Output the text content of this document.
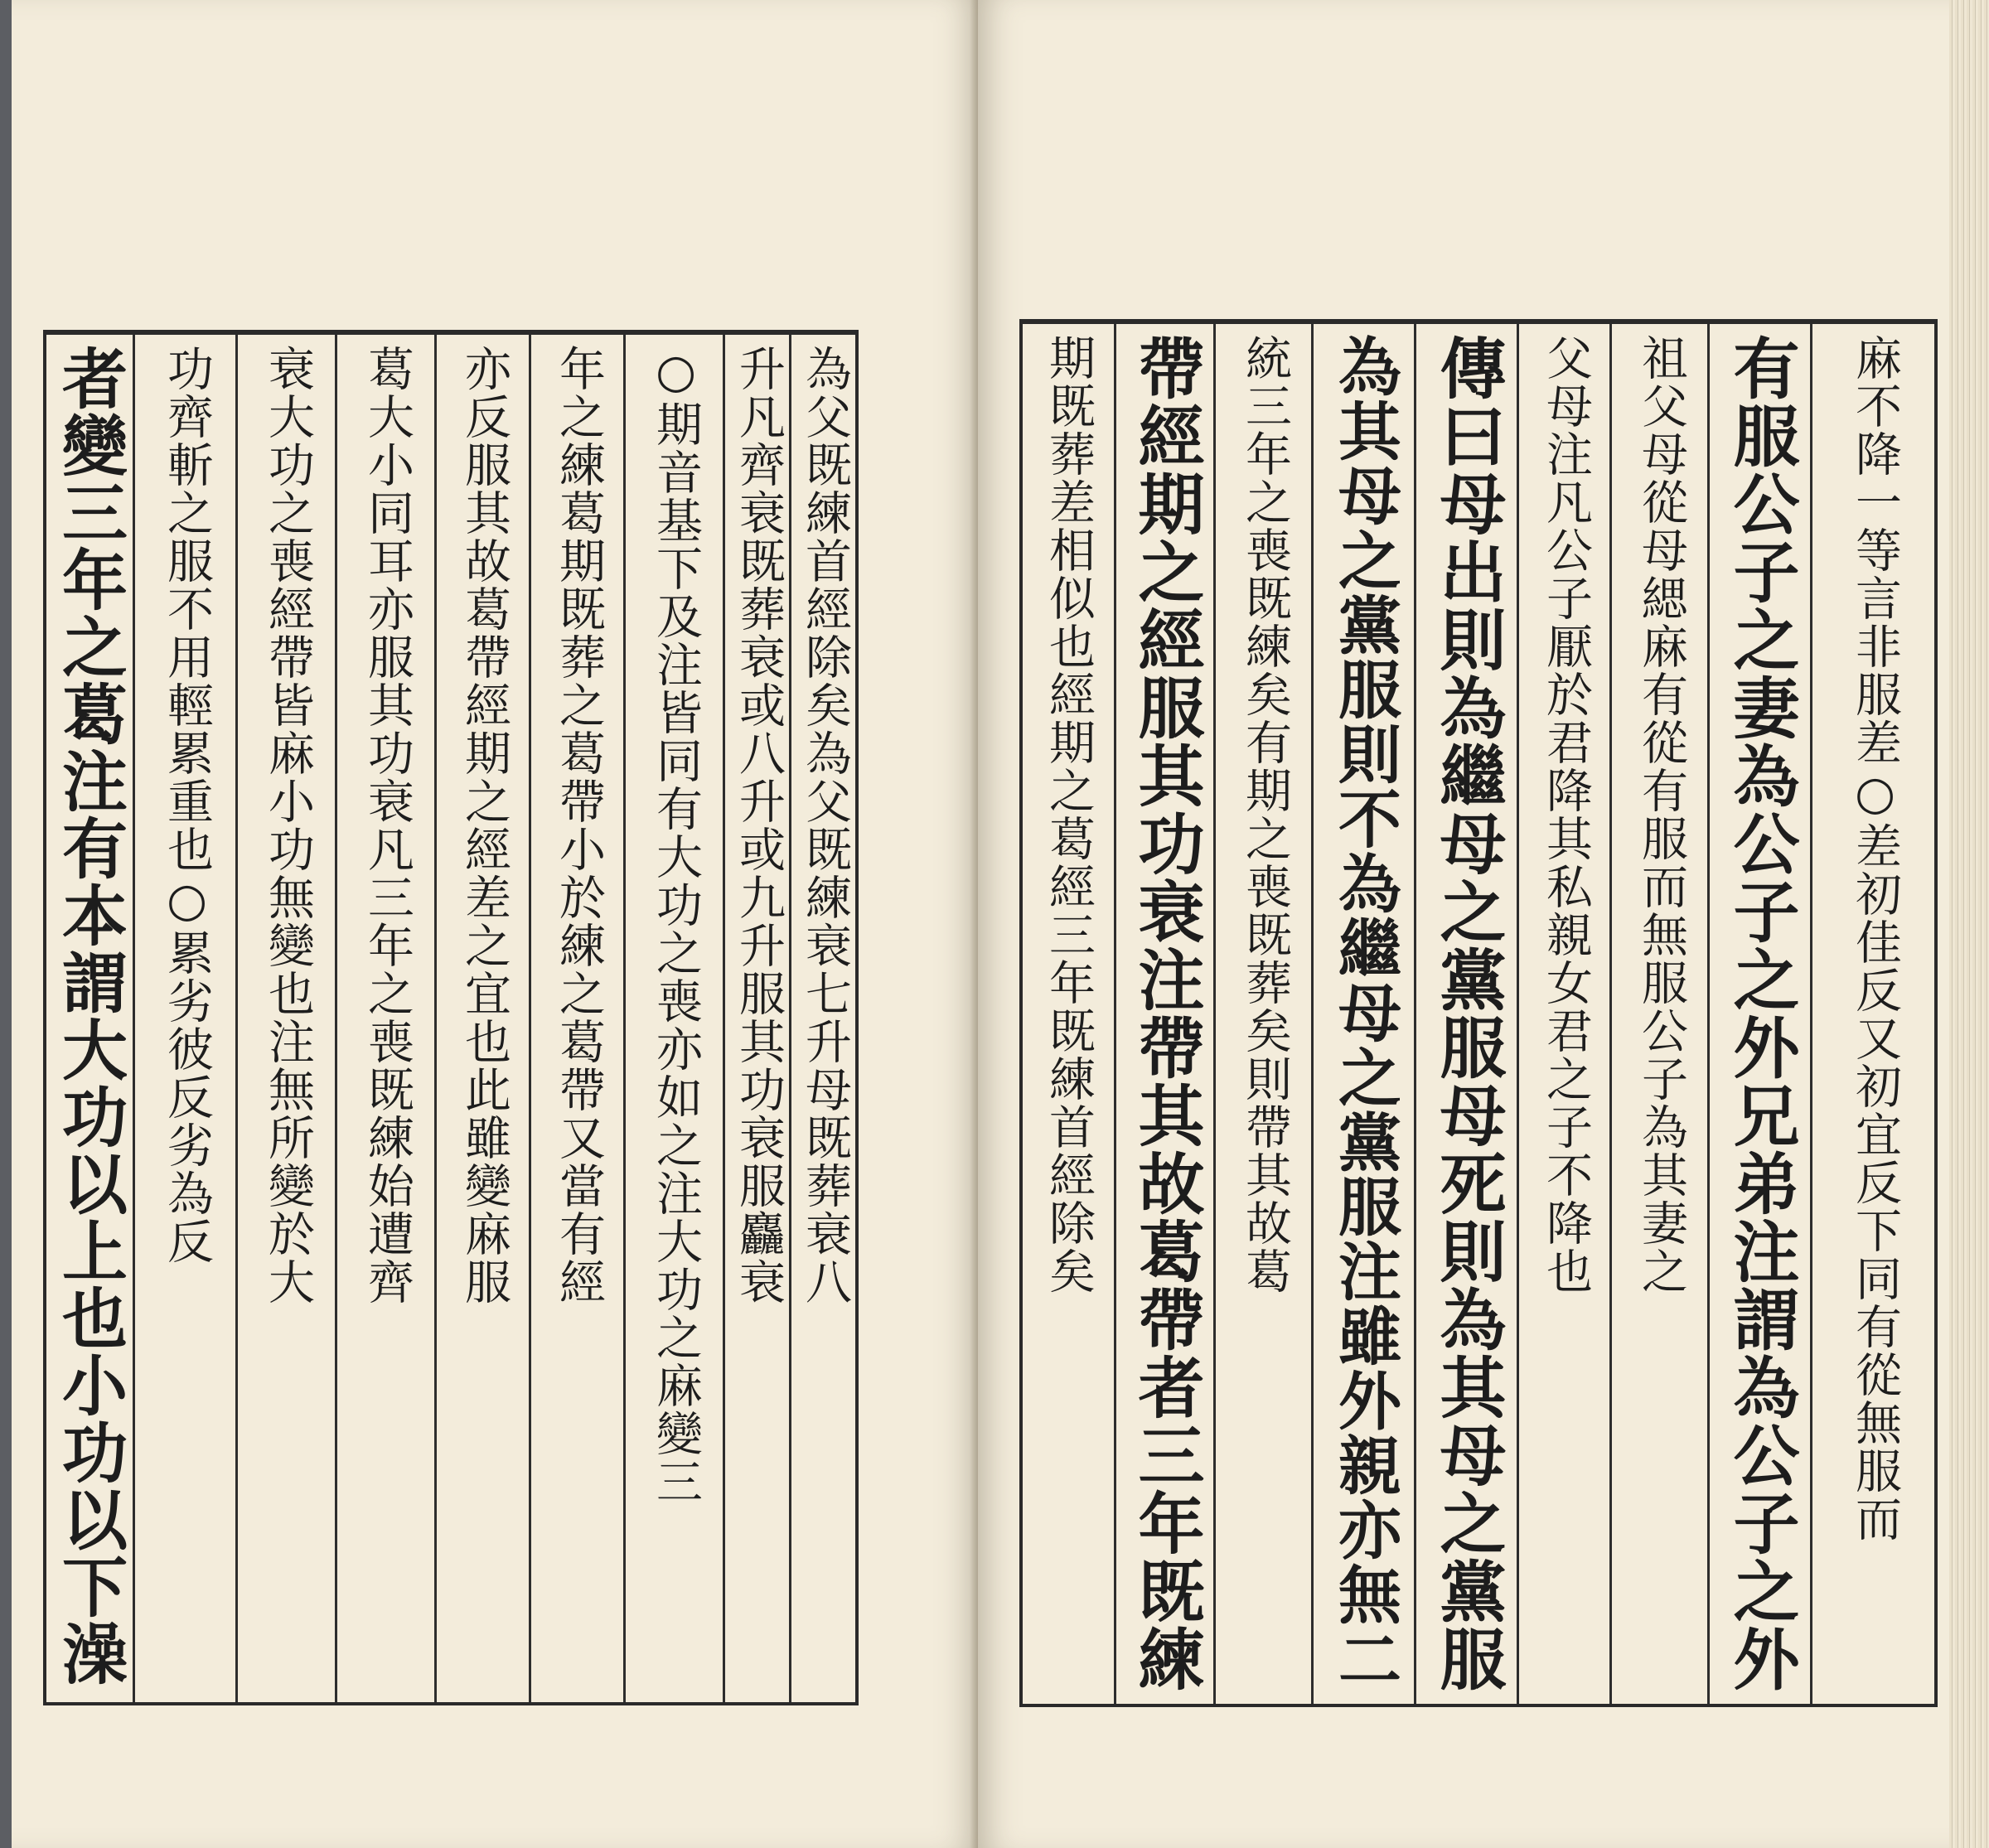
者變三年之葛注有本謂大功以上也小功以下澡 功齊斬之服不用輕累重也○累劣彼反劣為反 衰大功之喪經帶皆麻小功無變也注無所變於大 葛大小同耳亦服其功衰凡三年之喪既練始遭齊 亦反服其故葛帶經期之經差之宜也此雖變麻服 年之練葛期既葬之葛帶小於練之葛帶又當有經 ○期音基下及注皆同有大功之喪亦如之注大功之麻變三 升凡齊衰既葬衰或八升或九升服其功衰服麤衰 為父既練首經除矣為父既練衰七升母既葬衰八	期既葬差相似也經期之葛經三年既練首經除矣 帶經期之經服其功衰注帶其故葛帶者三年既練 統三年之喪既練矣有期之喪既葬矣則帶其故葛 為其母之黨服則不為繼母之黨服注雖外親亦無二 傳曰母出則為繼母之黨服母死則為其母之黨服 父母注凡公子厭於君降其私親女君之子不降也 祖父母從母緦麻有從有服而無服公子為其妻之 有服公子之妻為公子之外兄弟注謂為公子之外 麻不降一等言非服差○差初佳反又初宜反下同有從無服而
